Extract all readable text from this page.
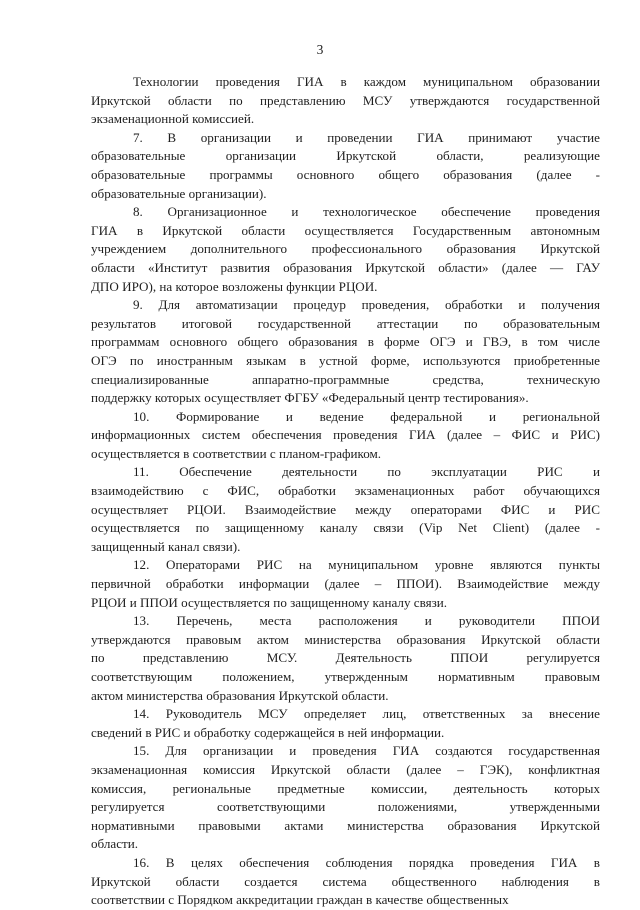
3
Технологии проведения ГИА в каждом муниципальном образовании
Иркутской области по представлению МСУ утверждаются государственной
экзаменационной комиссией.
7. В организации и проведении ГИА принимают участие
образовательные организации Иркутской области, реализующие
образовательные программы основного общего образования (далее -
образовательные организации).
8. Организационное и технологическое обеспечение проведения
ГИА в Иркутской области осуществляется Государственным автономным
учреждением дополнительного профессионального образования Иркутской
области «Институт развития образования Иркутской области» (далее — ГАУ
ДПО ИРО), на которое возложены функции РЦОИ.
9. Для автоматизации процедур проведения, обработки и получения
результатов итоговой государственной аттестации по образовательным
программам основного общего образования в форме ОГЭ и ГВЭ, в том числе
ОГЭ по иностранным языкам в устной форме, используются приобретенные
специализированные аппаратно-программные средства, техническую
поддержку которых осуществляет ФГБУ «Федеральный центр тестирования».
10. Формирование и ведение федеральной и региональной
информационных систем обеспечения проведения ГИА (далее – ФИС и РИС)
осуществляется в соответствии с планом-графиком.
11. Обеспечение деятельности по эксплуатации РИС и
взаимодействию с ФИС, обработки экзаменационных работ обучающихся
осуществляет РЦОИ. Взаимодействие между операторами ФИС и РИС
осуществляется по защищенному каналу связи (Vip Net Client) (далее -
защищенный канал связи).
12. Операторами РИС на муниципальном уровне являются пункты
первичной обработки информации (далее – ППОИ). Взаимодействие между
РЦОИ и ППОИ осуществляется по защищенному каналу связи.
13. Перечень, места расположения и руководители ППОИ
утверждаются правовым актом министерства образования Иркутской области
по представлению МСУ. Деятельность ППОИ регулируется
соответствующим положением, утвержденным нормативным правовым
актом министерства образования Иркутской области.
14. Руководитель МСУ определяет лиц, ответственных за внесение
сведений в РИС и обработку содержащейся в ней информации.
15. Для организации и проведения ГИА создаются государственная
экзаменационная комиссия Иркутской области (далее – ГЭК), конфликтная
комиссия, региональные предметные комиссии, деятельность которых
регулируется соответствующими положениями, утвержденными
нормативными правовыми актами министерства образования Иркутской
области.
16. В целях обеспечения соблюдения порядка проведения ГИА в
Иркутской области создается система общественного наблюдения в
соответствии с Порядком аккредитации граждан в качестве общественных
